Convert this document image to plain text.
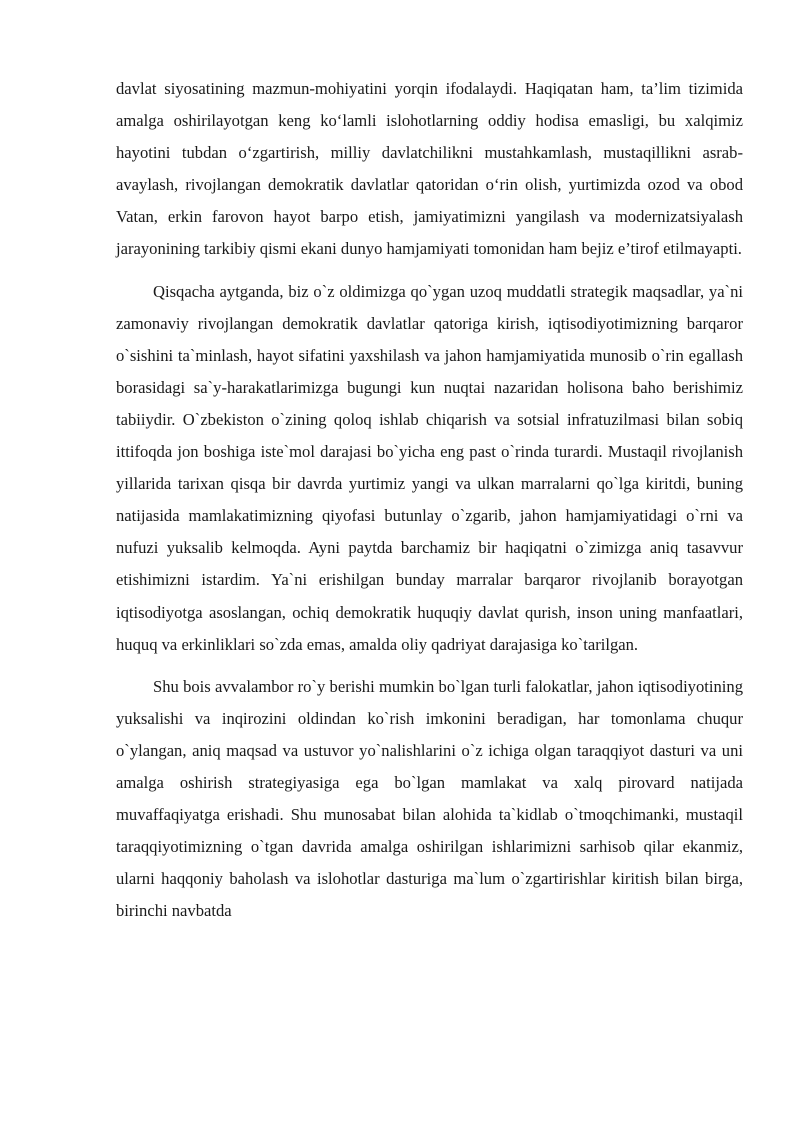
davlat siyosatining mazmun-mohiyatini yorqin ifodalaydi. Haqiqatan ham, ta’lim tizimida amalga oshirilayotgan keng ko‘lamli islohotlarning oddiy hodisa emasligi, bu xalqimiz hayotini tubdan o‘zgartirish, milliy davlatchilikni mustahkamlash, mustaqillikni asrab-avaylash, rivojlangan demokratik davlatlar qatoridan o‘rin olish, yurtimizda ozod va obod Vatan, erkin farovon hayot barpo etish, jamiyatimizni yangilash va modernizatsiyalash jarayonining tarkibiy qismi ekani dunyo hamjamiyati tomonidan ham bejiz e’tirof etilmayapti.

Qisqacha aytganda, biz o`z oldimizga qo`ygan uzoq muddatli strategik maqsadlar, ya`ni zamonaviy rivojlangan demokratik davlatlar qatoriga kirish, iqtisodiyotimizning barqaror o`sishini ta`minlash, hayot sifatini yaxshilash va jahon hamjamiyatida munosib o`rin egallash borasidagi sa`y-harakatlarimizga bugungi kun nuqtai nazaridan holisona baho berishimiz tabiiydir. O`zbekiston o`zining qoloq ishlab chiqarish va sotsial infratuzilmasi bilan sobiq ittifoqda jon boshiga iste`mol darajasi bo`yicha eng past o`rinda turardi. Mustaqil rivojlanish yillarida tarixan qisqa bir davrda yurtimiz yangi va ulkan marralarni qo`lga kiritdi, buning natijasida mamlakatimizning qiyofasi butunlay o`zgarib, jahon hamjamiyatidagi o`rni va nufuzi yuksalib kelmoqda. Ayni paytda barchamiz bir haqiqatni o`zimizga aniq tasavvur etishimizni istardim. Ya`ni erishilgan bunday marralar barqaror rivojlanib borayotgan iqtisodiyotga asoslangan, ochiq demokratik huquqiy davlat qurish, inson uning manfaatlari, huquq va erkinliklari so`zda emas, amalda oliy qadriyat darajasiga ko`tarilgan.

Shu bois avvalambor ro`y berishi mumkin bo`lgan turli falokatlar, jahon iqtisodiyotining yuksalishi va inqirozini oldindan ko`rish imkonini beradigan, har tomonlama chuqur o`ylangan, aniq maqsad va ustuvor yo`nalishlarini o`z ichiga olgan taraqqiyot dasturi va uni amalga oshirish strategiyasiga ega bo`lgan mamlakat va xalq pirovard natijada muvaffaqiyatga erishadi. Shu munosabat bilan alohida ta`kidlab o`tmoqchimanki, mustaqil taraqqiyotimizning o`tgan davrida amalga oshirilgan ishlarimizni sarhisob qilar ekanmiz, ularni haqqoniy baholash va islohotlar dasturiga ma`lum o`zgartirishlar kiritish bilan birga, birinchi navbatda
